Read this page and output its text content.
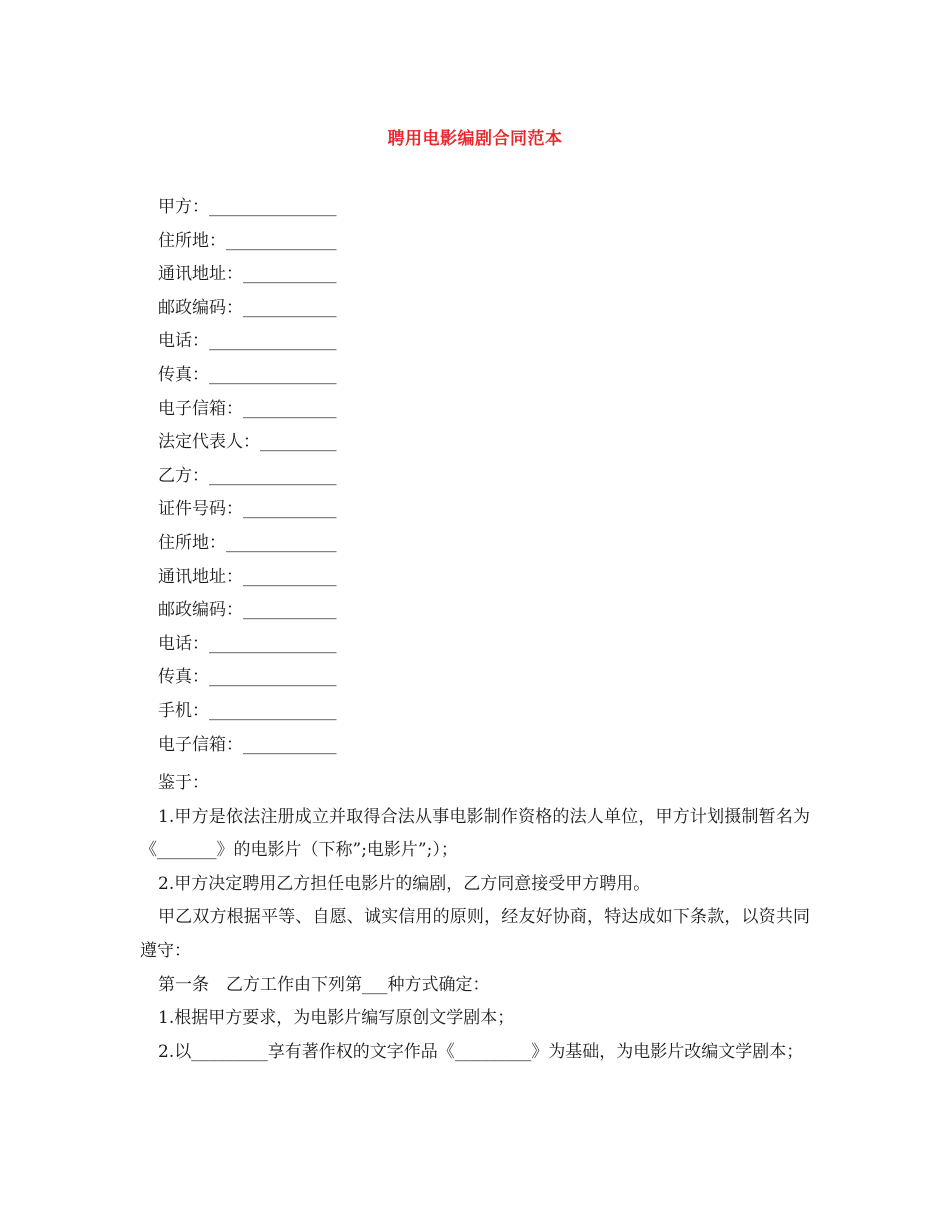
聘用电影编剧合同范本
甲方：_______________
住所地：_____________
通讯地址：___________
邮政编码：___________
电话：_______________
传真：_______________
电子信箱：___________
法定代表人：_________
乙方：_______________
证件号码：___________
住所地：_____________
通讯地址：___________
邮政编码：___________
电话：_______________
传真：_______________
手机：_______________
电子信箱：___________

鉴于：

1.甲方是依法注册成立并取得合法从事电影制作资格的法人单位，甲方计划摄制暂名为《_______》的电影片（下称”;电影片”;）；

2.甲方决定聘用乙方担任电影片的编剧，乙方同意接受甲方聘用。

甲乙双方根据平等、自愿、诚实信用的原则，经友好协商，特达成如下条款，以资共同遵守：

第一条　乙方工作由下列第___种方式确定：

1.根据甲方要求，为电影片编写原创文学剧本；

2.以_________享有著作权的文字作品《_________》为基础，为电影片改编文学剧本；
